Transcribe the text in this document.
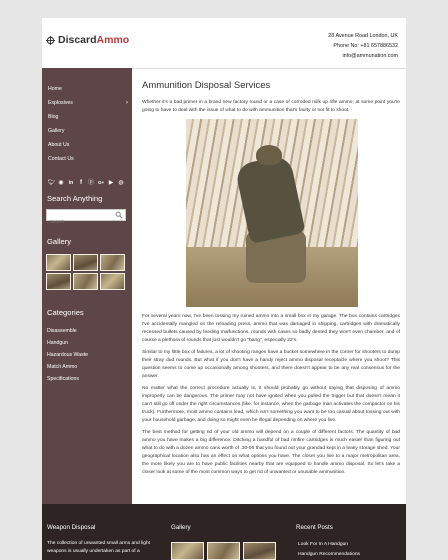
Discard Ammo	28 Avenue Road London, UK
Phone No: +81 657886532
info@ammunation.com
Home
Explosives	›
Blog
Gallery
About Us
Contact Us
🐦︎ ◉ in	f	ⓟ G+ ▶ ◍
Search Anything
Search
Gallery
Categories
Disassemble
Handgun
Hazardous Waste
Match Ammo
Specifications
Ammunition Disposal Services

Whether it's a bad primer in a brand new factory round or a case of corroded milk up rifle ammo; at some point you're going to have to deal with the issue of what to do with ammunition that's faulty or not fit to shoot.

For several years now, I've been tossing my ruined ammo into a small box in my garage. The box contains cartridges I've accidentally mangled on the reloading press, ammo that was damaged in shipping, cartridges with dramatically recessed bullets caused by feeding malfunctions, rounds with cases so badly dented they won't even chamber, and of course a plethora of rounds that just wouldn't go "bang", especially 22's.

Similar to my little box of failures, a lot of shooting ranges have a bucket somewhere in the corner for shooters to dump their stray dud rounds. But what if you don't have a handy reject ammo disposal receptacle where you shoot? This question seems to come up occasionally among shooters, and there doesn't appear to be any real consensus for the answer.

No matter what the correct procedure actually is, it should probably go without saying that disposing of ammo improperly can be dangerous. The primer may not have ignited when you pulled the trigger but that doesn't mean it can't still go off under the right circumstances (like, for instance, when the garbage man activates the compactor on his truck). Furthermore, most ammo contains lead, which isn't something you want to be too casual about tossing out with your household garbage, and doing so might even be illegal depending on where you live.

The best method for getting rid of your old ammo will depend on a couple of different factors. The quantity of bad ammo you have makes a big difference. Ditching a handful of bad rimfire cartridges is much easier than figuring out what to do with a dozen ammo cans worth of .30-06 that you found out your grandad kept in a leaky storage shed. Your geographical location also has an effect on what options you have. The closer you live to a major metropolitan area, the more likely you are to have public facilities nearby that are equipped to handle ammo disposal. So let's take a closer look at some of the most common ways to get rid of unwanted or unusable ammunition.

Weapon Disposal
The collection of unwanted small arms and light weapons is usually undertaken as part of a
Gallery	Recent Posts
Look For In A Handgun
Handgun Recommendations
